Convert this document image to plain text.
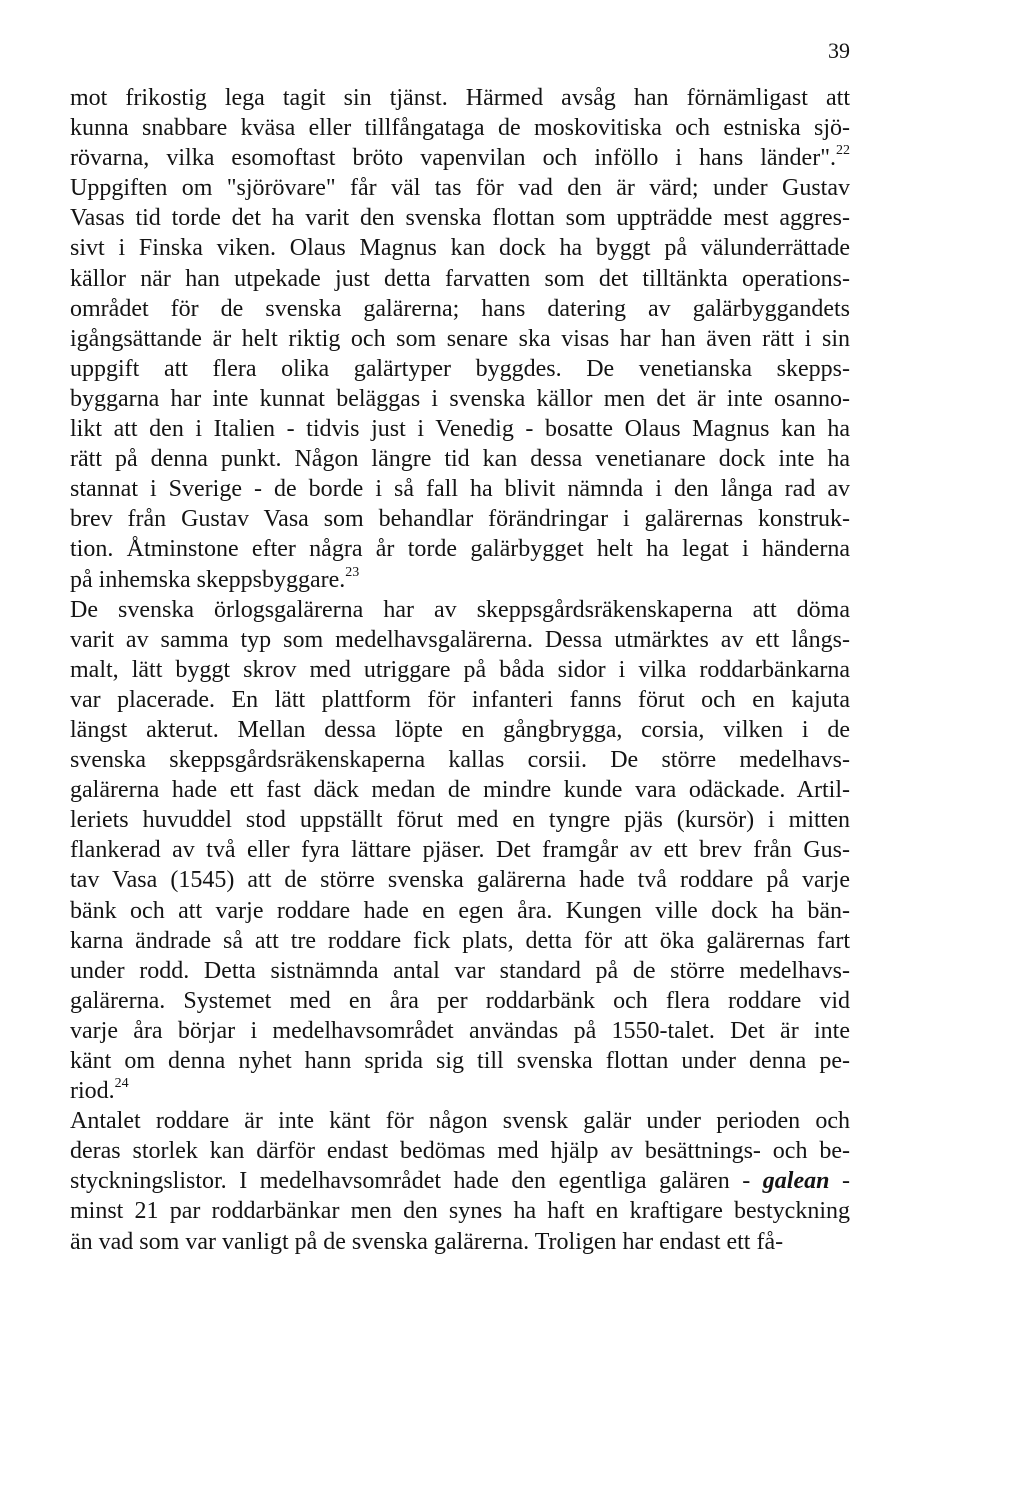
39
mot frikostig lega tagit sin tjänst. Härmed avsåg han förnämligast att
kunna snabbare kväsa eller tillfångataga de moskovitiska och estniska sjö-
rövarna, vilka esomoftast bröto vapenvilan och inföllo i hans länder".$^{22}$
Uppgiften om "sjörövare" får väl tas för vad den är värd; under Gustav
Vasas tid torde det ha varit den svenska flottan som uppträdde mest aggres-
sivt i Finska viken. Olaus Magnus kan dock ha byggt på välunderrättade
källor när han utpekade just detta farvatten som det tilltänkta operations-
området för de svenska galärerna; hans datering av galärbyggandets
igångsättande är helt riktig och som senare ska visas har han även rätt i sin
uppgift att flera olika galärtyper byggdes. De venetianska skepps-
byggarna har inte kunnat beläggas i svenska källor men det är inte osanno-
likt att den i Italien - tidvis just i Venedig - bosatte Olaus Magnus kan ha
rätt på denna punkt. Någon längre tid kan dessa venetianare dock inte ha
stannat i Sverige - de borde i så fall ha blivit nämnda i den långa rad av
brev från Gustav Vasa som behandlar förändringar i galärernas konstruk-
tion. Åtminstone efter några år torde galärbygget helt ha legat i händerna
på inhemska skeppsbyggare.$^{23}$
De svenska örlogsgalärerna har av skeppsgårdsräkenskaperna att döma
varit av samma typ som medelhavsgalärerna. Dessa utmärktes av ett långs-
malt, lätt byggt skrov med utriggare på båda sidor i vilka roddarbänkarna
var placerade. En lätt plattform för infanteri fanns förut och en kajuta
längst akterut. Mellan dessa löpte en gångbrygga, corsia, vilken i de
svenska skeppsgårdsräkenskaperna kallas corsii. De större medelhavs-
galärerna hade ett fast däck medan de mindre kunde vara odäckade. Artil-
leriets huvuddel stod uppställt förut med en tyngre pjäs (kursör) i mitten
flankerad av två eller fyra lättare pjäser. Det framgår av ett brev från Gus-
tav Vasa (1545) att de större svenska galärerna hade två roddare på varje
bänk och att varje roddare hade en egen åra. Kungen ville dock ha bän-
karna ändrade så att tre roddare fick plats, detta för att öka galärernas fart
under rodd. Detta sistnämnda antal var standard på de större medelhavs-
galärerna. Systemet med en åra per roddarbänk och flera roddare vid
varje åra börjar i medelhavsområdet användas på 1550-talet. Det är inte
känt om denna nyhet hann sprida sig till svenska flottan under denna pe-
riod.$^{24}$
Antalet roddare är inte känt för någon svensk galär under perioden och
deras storlek kan därför endast bedömas med hjälp av besättnings- och be-
styckningslistor. I medelhavsområdet hade den egentliga galären - galean -
minst 21 par roddarbänkar men den synes ha haft en kraftigare bestyckning
än vad som var vanligt på de svenska galärerna. Troligen har endast ett få-
